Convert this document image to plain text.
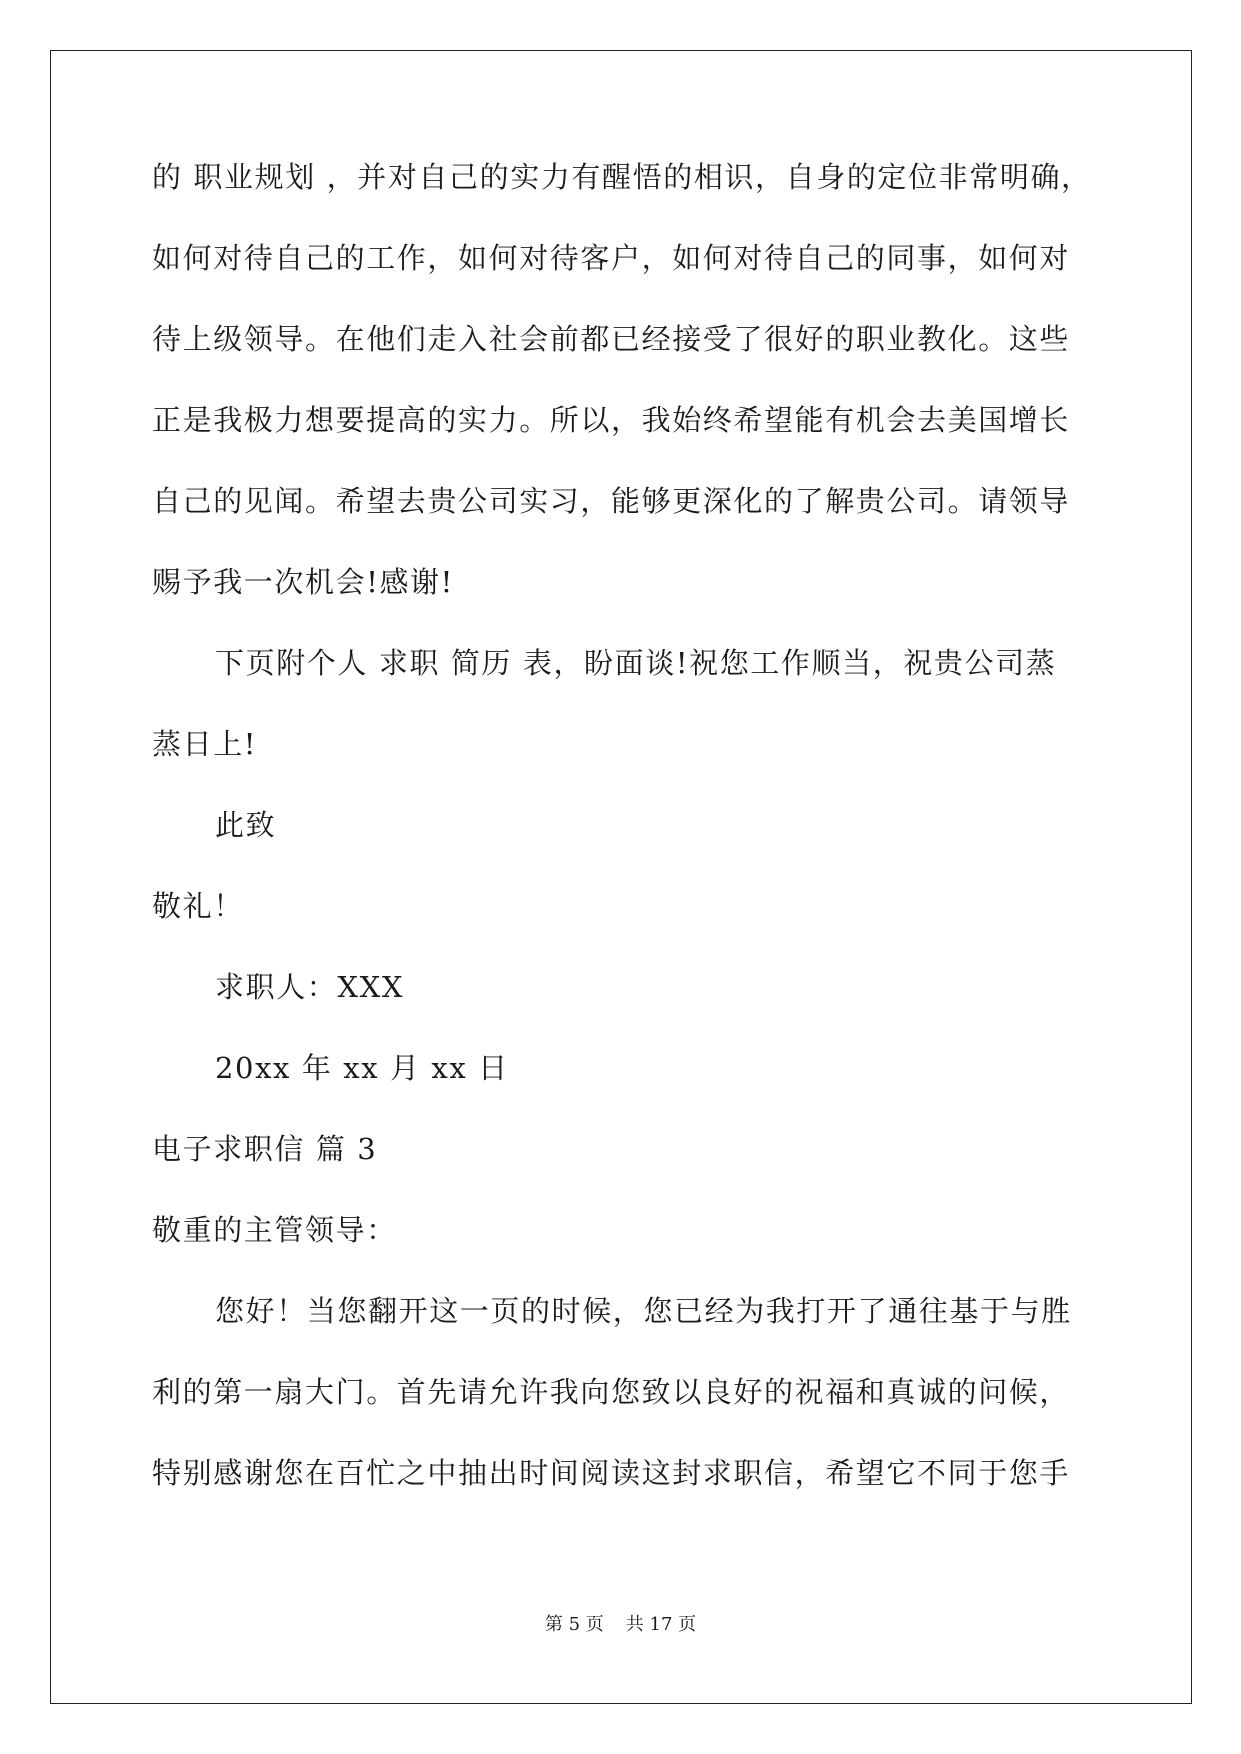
的 职业规划 ，并对自己的实力有醒悟的相识，自身的定位非常明确，
如何对待自己的工作，如何对待客户，如何对待自己的同事，如何对
待上级领导。在他们走入社会前都已经接受了很好的职业教化。这些
正是我极力想要提高的实力。所以，我始终希望能有机会去美国增长
自己的见闻。希望去贵公司实习，能够更深化的了解贵公司。请领导
赐予我一次机会!感谢!
下页附个人 求职 简历 表，盼面谈!祝您工作顺当，祝贵公司蒸
蒸日上!
此致
敬礼！
求职人：XXX
20xx 年 xx 月 xx 日
电子求职信 篇 3
敬重的主管领导：
您好！当您翻开这一页的时候，您已经为我打开了通往基于与胜
利的第一扇大门。首先请允许我向您致以良好的祝福和真诚的问候，
特别感谢您在百忙之中抽出时间阅读这封求职信，希望它不同于您手
第 5 页 共 17 页
